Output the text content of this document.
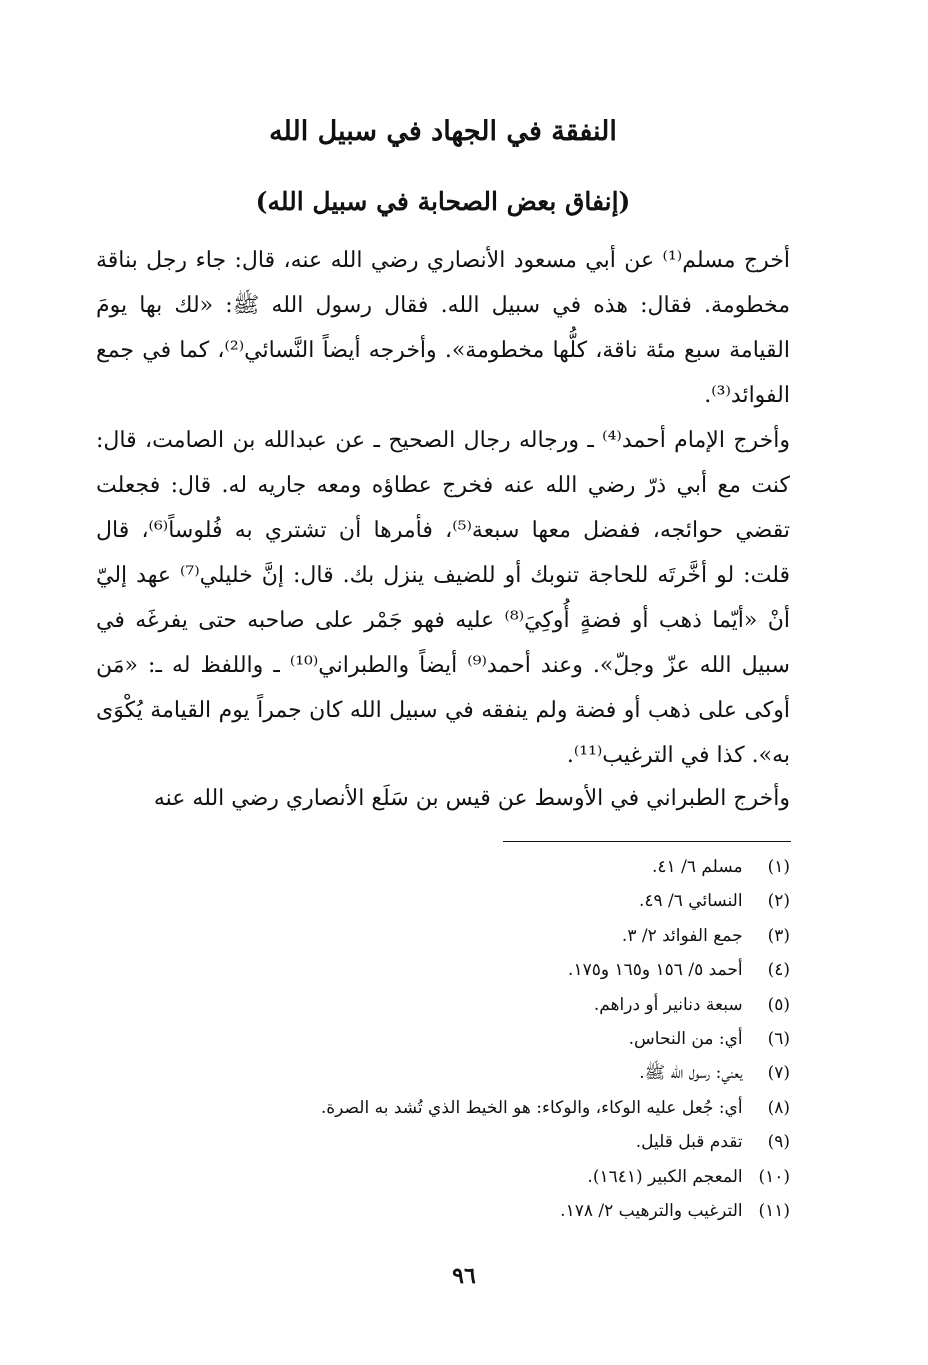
النفقة في الجهاد في سبيل الله
(إنفاق بعض الصحابة في سبيل الله)

أخرج مسلم⁽¹⁾ عن أبي مسعود الأنصاري رضي الله عنه، قال: جاء رجل بناقة مخطومة. فقال: هذه في سبيل الله. فقال رسول الله ﷺ: «لك بها يومَ القيامة سبع مئة ناقة، كلُّها مخطومة». وأخرجه أيضاً النَّسائي⁽²⁾، كما في جمع الفوائد⁽³⁾.

وأخرج الإمام أحمد⁽⁴⁾ ـ ورجاله رجال الصحيح ـ عن عبدالله بن الصامت، قال: كنت مع أبي ذرّ رضي الله عنه فخرج عطاؤه ومعه جاريه له. قال: فجعلت تقضي حوائجه، ففضل معها سبعة⁽⁵⁾، فأمرها أن تشتري به فُلوساً⁽⁶⁾، قال قلت: لو أخَّرتَه للحاجة تنوبك أو للضيف ينزل بك. قال: إنَّ خليلي⁽⁷⁾ عهد إليّ أنْ «أيّما ذهب أو فضةٍ أُوكِيَ⁽⁸⁾ عليه فهو جَمْر على صاحبه حتى يفرغَه في سبيل الله عزّ وجلّ». وعند أحمد⁽⁹⁾ أيضاً والطبراني⁽¹⁰⁾ ـ واللفظ له ـ: «مَن أوكى على ذهب أو فضة ولم ينفقه في سبيل الله كان جمراً يوم القيامة يُكْوَى به». كذا في الترغيب⁽¹¹⁾.

وأخرج الطبراني في الأوسط عن قيس بن سَلَع الأنصاري رضي الله عنه

(١) مسلم ٦/ ٤١.
(٢) النسائي ٦/ ٤٩.
(٣) جمع الفوائد ٢/ ٣.
(٤) أحمد ٥/ ١٥٦ و١٦٥ و١٧٥.
(٥) سبعة دنانير أو دراهم.
(٦) أي: من النحاس.
(٧) يعني: رسول الله ﷺ.
(٨) أي: جُعل عليه الوكاء، والوكاء: هو الخيط الذي تُشد به الصرة.
(٩) تقدم قبل قليل.
(١٠) المعجم الكبير (١٦٤١).
(١١) الترغيب والترهيب ٢/ ١٧٨.
٩٦
